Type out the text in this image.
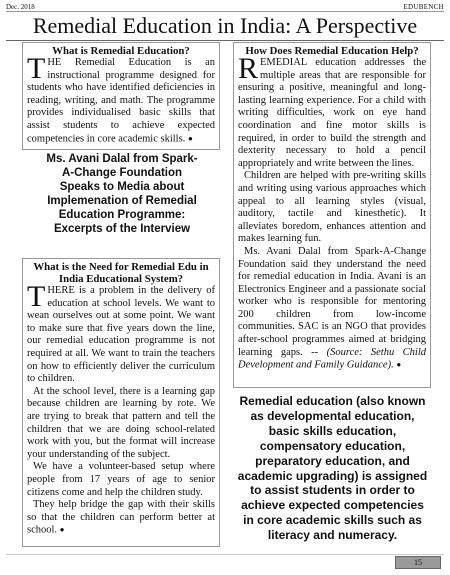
Dec. 2018	EDUBENCH
Remedial Education in India: A Perspective
What is Remedial Education?
THE Remedial Education is an instructional programme designed for students who have identified deficiencies in reading, writing, and math. The programme provides individualised basic skills that assist students to achieve expected competencies in core academic skills. ●
Ms. Avani Dalal from Spark-A-Change Foundation Speaks to Media about Implemenation of Remedial Education Programme: Excerpts of the Interview
What is the Need for Remedial Edu in India Educational System?
THERE is a problem in the delivery of education at school levels. We want to wean ourselves out at some point. We want to make sure that five years down the line, our remedial education programme is not required at all. We want to train the teachers on how to efficiently deliver the curriculum to children.
At the school level, there is a learning gap because children are learning by rote. We are trying to break that pattern and tell the children that we are doing school-related work with you, but the format will increase your understanding of the subject.
We have a volunteer-based setup where people from 17 years of age to senior citizens come and help the children study.
They help bridge the gap with their skills so that the children can perform better at school. ●
How Does Remedial Education Help?
REMEDIAL education addresses the multiple areas that are responsible for ensuring a positive, meaningful and long-lasting learning experience. For a child with writing difficulties, work on eye hand coordination and fine motor skills is required, in order to build the strength and dexterity necessary to hold a pencil appropriately and write between the lines.
Children are helped with pre-writing skills and writing using various approaches which appeal to all learning styles (visual, auditory, tactile and kinesthetic). It alleviates boredom, enhances attention and makes learning fun.
Ms. Avani Dalal from Spark-A-Change Foundation said they understand the need for remedial education in India. Avani is an Electronics Engineer and a passionate social worker who is responsible for mentoring 200 children from low-income communities. SAC is an NGO that provides after-school programmes aimed at bridging learning gaps. -- (Source: Sethu Child Development and Family Guidance). ●
Remedial education (also known as developmental education, basic skills education, compensatory education, preparatory education, and academic upgrading) is assigned to assist students in order to achieve expected competencies in core academic skills such as literacy and numeracy.
15
